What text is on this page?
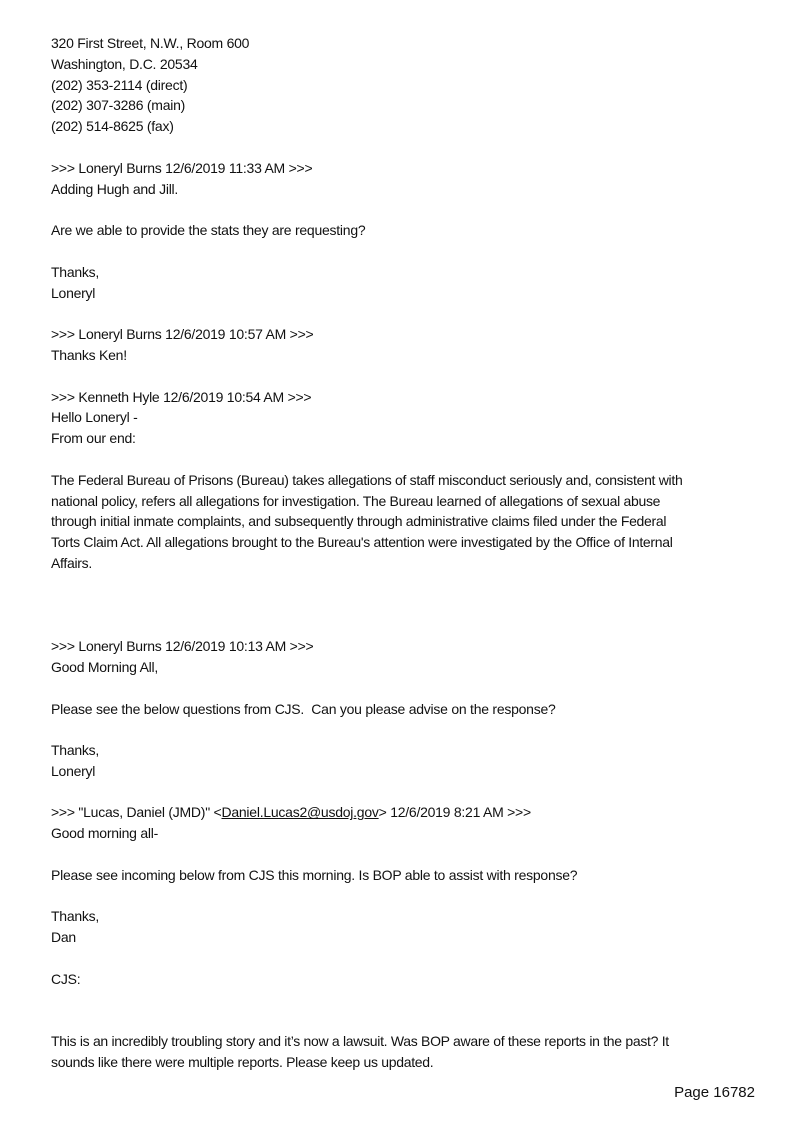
320 First Street, N.W., Room 600
Washington, D.C. 20534
(202) 353-2114 (direct)
(202) 307-3286 (main)
(202) 514-8625 (fax)
>>> Loneryl Burns 12/6/2019 11:33 AM >>>
Adding Hugh and Jill.
Are we able to provide the stats they are requesting?
Thanks,
Loneryl
>>> Loneryl Burns 12/6/2019 10:57 AM >>>
Thanks Ken!
>>> Kenneth Hyle 12/6/2019 10:54 AM >>>
Hello Loneryl -
From our end:
The Federal Bureau of Prisons (Bureau) takes allegations of staff misconduct seriously and, consistent with
national policy, refers all allegations for investigation. The Bureau learned of allegations of sexual abuse
through initial inmate complaints, and subsequently through administrative claims filed under the Federal
Torts Claim Act. All allegations brought to the Bureau's attention were investigated by the Office of Internal
Affairs.
>>> Loneryl Burns 12/6/2019 10:13 AM >>>
Good Morning All,
Please see the below questions from CJS.  Can you please advise on the response?
Thanks,
Loneryl
>>> "Lucas, Daniel (JMD)" <Daniel.Lucas2@usdoj.gov> 12/6/2019 8:21 AM >>>
Good morning all-
Please see incoming below from CJS this morning. Is BOP able to assist with response?
Thanks,
Dan
CJS:
This is an incredibly troubling story and it’s now a lawsuit. Was BOP aware of these reports in the past? It
sounds like there were multiple reports. Please keep us updated.
Page 16782
